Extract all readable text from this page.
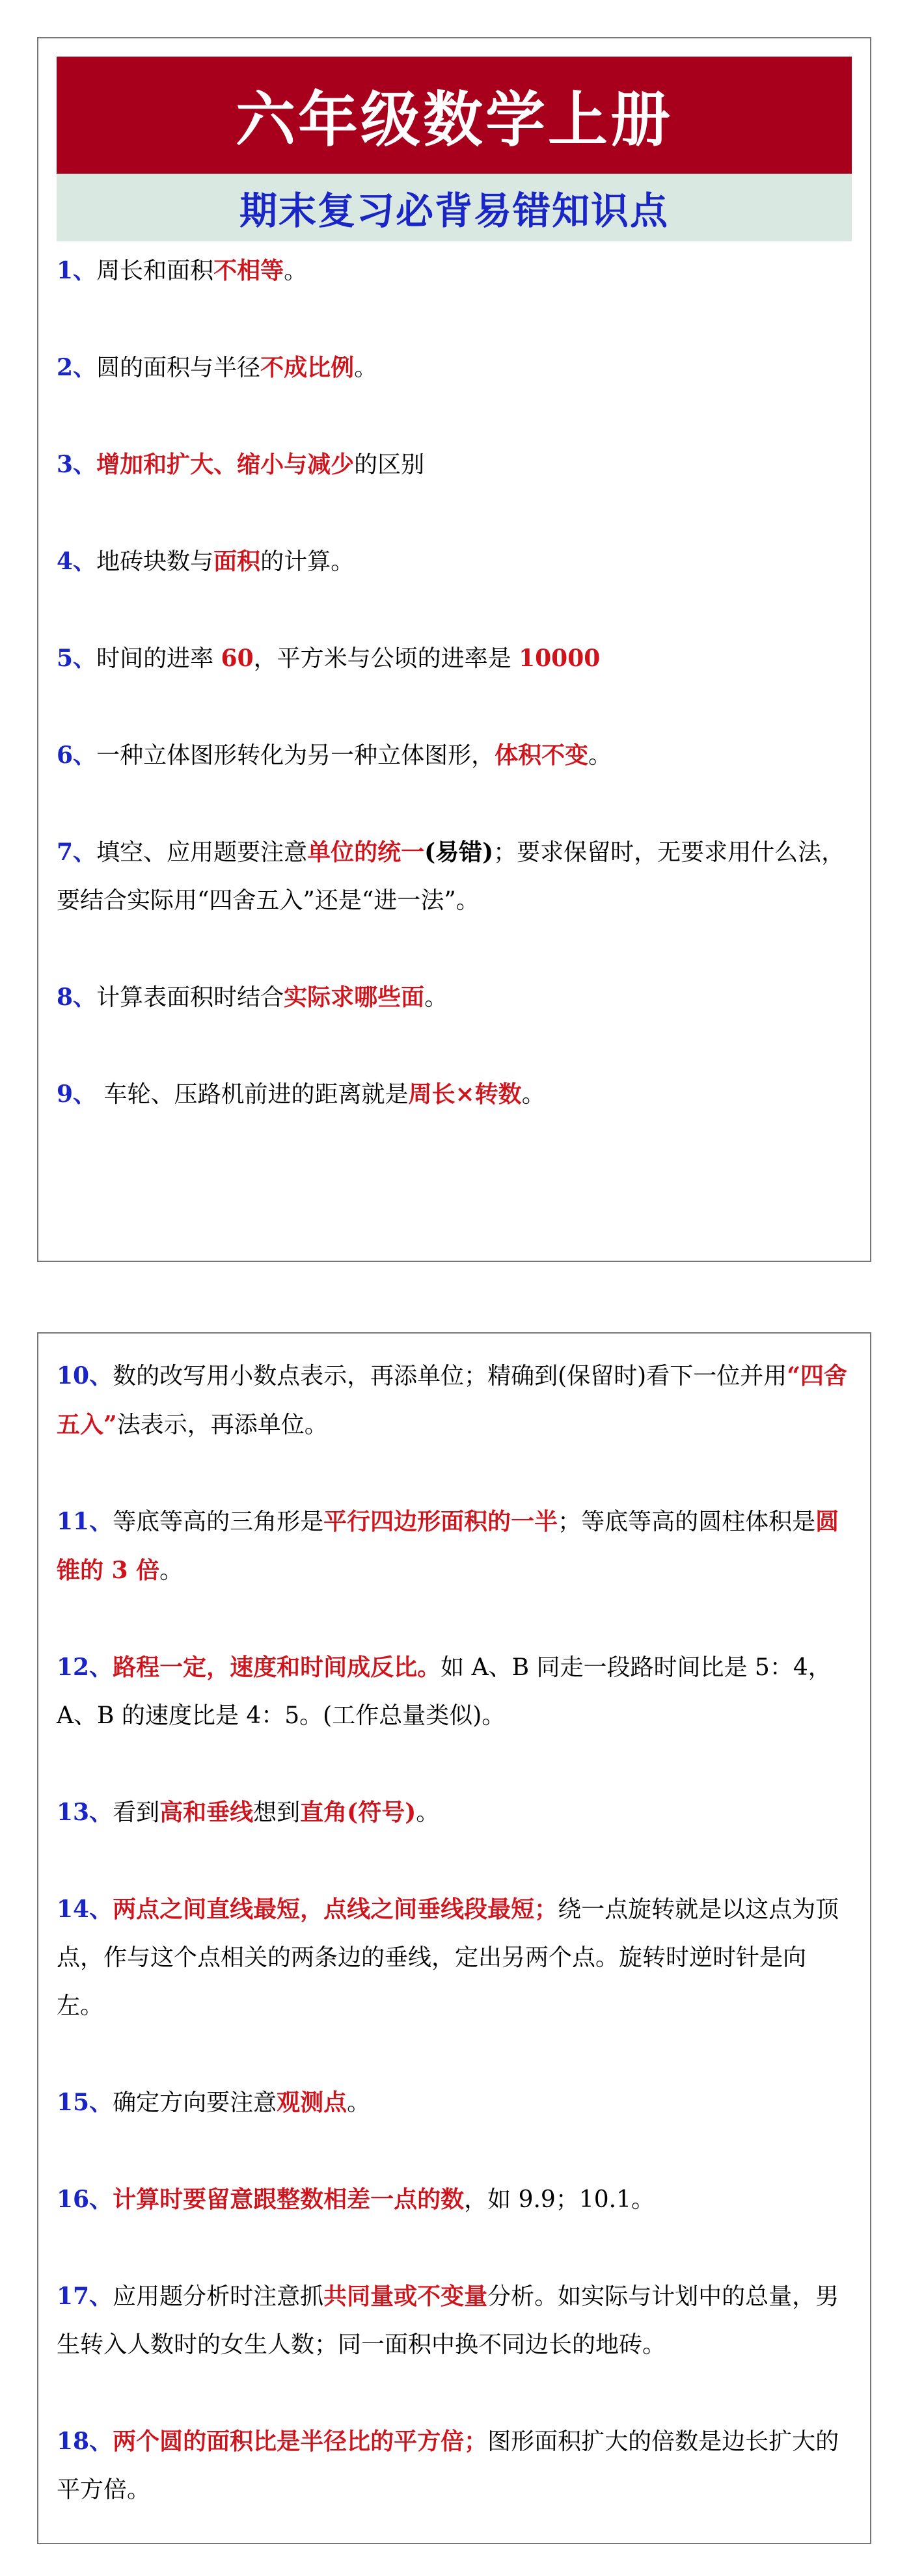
六年级数学上册
期末复习必背易错知识点
1、周长和面积不相等。
2、圆的面积与半径不成比例。
3、增加和扩大、缩小与减少的区别
4、地砖块数与面积的计算。
5、时间的进率 60，平方米与公顷的进率是 10000
6、一种立体图形转化为另一种立体图形，体积不变。
7、填空、应用题要注意单位的统一(易错)；要求保留时，无要求用什么法，要结合实际用“四舍五入”还是“进一法”。
8、计算表面积时结合实际求哪些面。
9、 车轮、压路机前进的距离就是周长×转数。
10、数的改写用小数点表示，再添单位；精确到(保留时)看下一位并用“四舍五入”法表示，再添单位。
11、等底等高的三角形是平行四边形面积的一半；等底等高的圆柱体积是圆锥的 3 倍。
12、路程一定，速度和时间成反比。如 A、B 同走一段路时间比是 5：4，A、B 的速度比是 4：5。(工作总量类似)。
13、看到高和垂线想到直角(符号)。
14、两点之间直线最短，点线之间垂线段最短；绕一点旋转就是以这点为顶点，作与这个点相关的两条边的垂线，定出另两个点。旋转时逆时针是向左。
15、确定方向要注意观测点。
16、计算时要留意跟整数相差一点的数，如 9.9；10.1。
17、应用题分析时注意抓共同量或不变量分析。如实际与计划中的总量，男生转入人数时的女生人数；同一面积中换不同边长的地砖。
18、两个圆的面积比是半径比的平方倍；图形面积扩大的倍数是边长扩大的平方倍。
